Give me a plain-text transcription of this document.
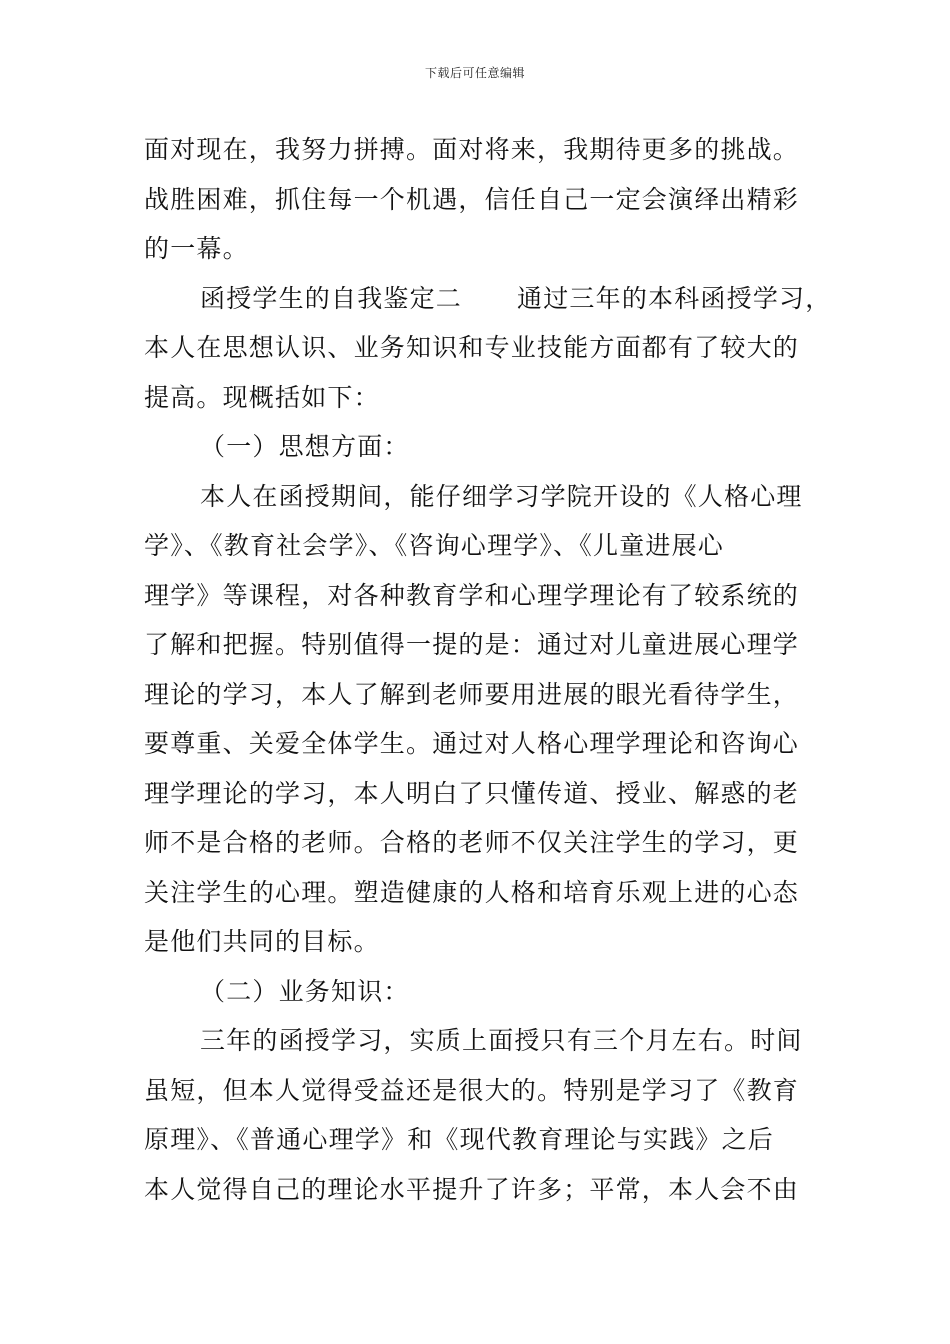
下载后可任意编辑
面对现在，我努力拼搏。面对将来，我期待更多的挑战。
战胜困难，抓住每一个机遇，信任自己一定会演绎出精彩
的一幕。
函授学生的自我鉴定二 通过三年的本科函授学习，
本人在思想认识、业务知识和专业技能方面都有了较大的
提高。现概括如下：
（一）思想方面：
本人在函授期间，能仔细学习学院开设的《人格心理
学》、《教育社会学》、《咨询心理学》、《儿童进展心
理学》等课程，对各种教育学和心理学理论有了较系统的
了解和把握。特别值得一提的是：通过对儿童进展心理学
理论的学习，本人了解到老师要用进展的眼光看待学生，
要尊重、关爱全体学生。通过对人格心理学理论和咨询心
理学理论的学习，本人明白了只懂传道、授业、解惑的老
师不是合格的老师。合格的老师不仅关注学生的学习，更
关注学生的心理。塑造健康的人格和培育乐观上进的心态
是他们共同的目标。
（二）业务知识：
三年的函授学习，实质上面授只有三个月左右。时间
虽短，但本人觉得受益还是很大的。特别是学习了《教育
原理》、《普通心理学》和《现代教育理论与实践》之后
本人觉得自己的理论水平提升了许多；平常，本人会不由
